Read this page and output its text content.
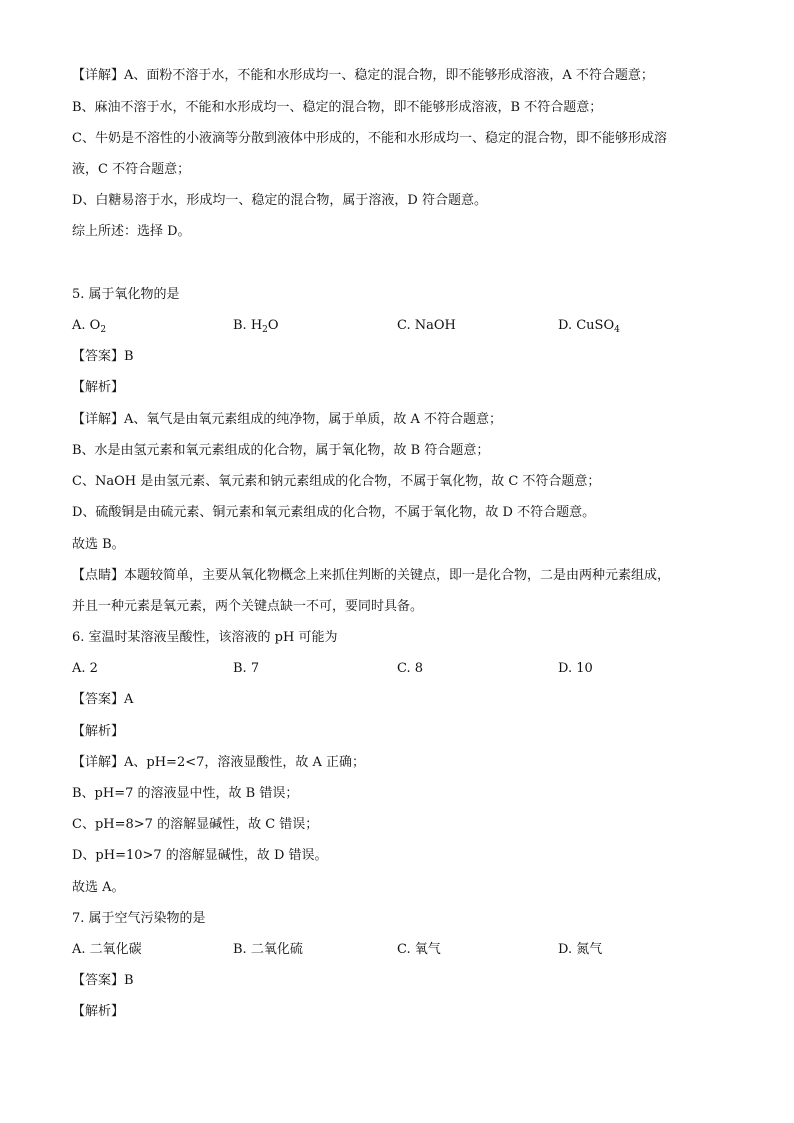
【详解】A、面粉不溶于水，不能和水形成均一、稳定的混合物，即不能够形成溶液，A 不符合题意；
B、麻油不溶于水，不能和水形成均一、稳定的混合物，即不能够形成溶液，B 不符合题意；
C、牛奶是不溶性的小液滴等分散到液体中形成的，不能和水形成均一、稳定的混合物，即不能够形成溶
液，C 不符合题意；
D、白糖易溶于水，形成均一、稳定的混合物，属于溶液，D 符合题意。
综上所述：选择 D。
5. 属于氧化物的是
A. $O_2$	B. $H_2O$	C. NaOH	D. CuSO$_4$
【答案】B
【解析】
【详解】A、氧气是由氧元素组成的纯净物，属于单质，故 A 不符合题意；
B、水是由氢元素和氧元素组成的化合物，属于氧化物，故 B 符合题意；
C、NaOH 是由氢元素、氧元素和钠元素组成的化合物，不属于氧化物，故 C 不符合题意；
D、硫酸铜是由硫元素、铜元素和氧元素组成的化合物，不属于氧化物，故 D 不符合题意。
故选 B。
【点睛】本题较简单，主要从氧化物概念上来抓住判断的关键点，即一是化合物，二是由两种元素组成，
并且一种元素是氧元素，两个关键点缺一不可，要同时具备。
6. 室温时某溶液呈酸性，该溶液的 pH 可能为
A. 2	B. 7	C. 8	D. 10
【答案】A
【解析】
【详解】A、pH=2<7，溶液显酸性，故 A 正确；
B、pH=7 的溶液显中性，故 B 错误；
C、pH=8>7 的溶解显碱性，故 C 错误；
D、pH=10>7 的溶解显碱性，故 D 错误。
故选 A。
7. 属于空气污染物的是
A. 二氧化碳	B. 二氧化硫	C. 氧气	D. 氮气
【答案】B
【解析】
